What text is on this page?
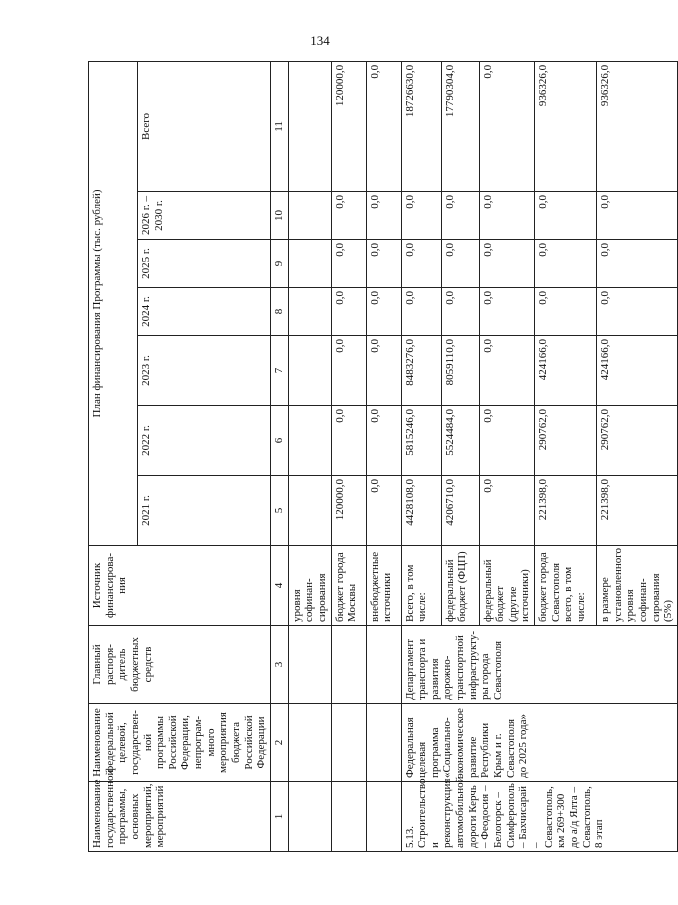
134
Наименование государственной программы, основных мероприятий, мероприятий	Наименование федеральной целевой, государствен-ной программы Российской Федерации, непрограм-много мероприятия бюджета Российской Федерации	Главный распоря-дитель бюджетных средств	Источник финансирова-ния	План финансирования Программы (тыс. рублей)						
				2021 г.	2022 г.	2023 г.	2024 г.	2025 г.	2026 г. – 2030 г.	Всего
1	2	3	4	5	6	7	8	9	10	11
			уровня софинан-сирования							
			бюджет города Москвы	120000,0	0,0	0,0	0,0	0,0	0,0	120000,0
			внебюджетные источники	0,0	0,0	0,0	0,0	0,0	0,0	0,0
5.13. Строительство и реконструкция автомобильной дороги Керчь – Феодосия – Белогорск – Симферополь – Бахчисарай – Севастополь, км 269+300 до а/д Ялта – Севастополь, 8 этап	Федеральная целевая программа «Социально-экономическое развитие Республики Крым и г. Севастополя до 2025 года»	Департамент транспорта и развития дорожно-транспортной инфраструкту-ры города Севастополя	Всего, в том числе:	4428108,0	5815246,0	8483276,0	0,0	0,0	0,0	18726630,0
			федеральный бюджет (ФЦП)	4206710,0	5524484,0	8059110,0	0,0	0,0	0,0	17790304,0
			федеральный бюджет (другие источники)	0,0	0,0	0,0	0,0	0,0	0,0	0,0
			бюджет города Севастополя всего, в том числе:	221398,0	290762,0	424166,0	0,0	0,0	0,0	936326,0
			в размере установленного уровня софинан-сирования (5%)	221398,0	290762,0	424166,0	0,0	0,0	0,0	936326,0
